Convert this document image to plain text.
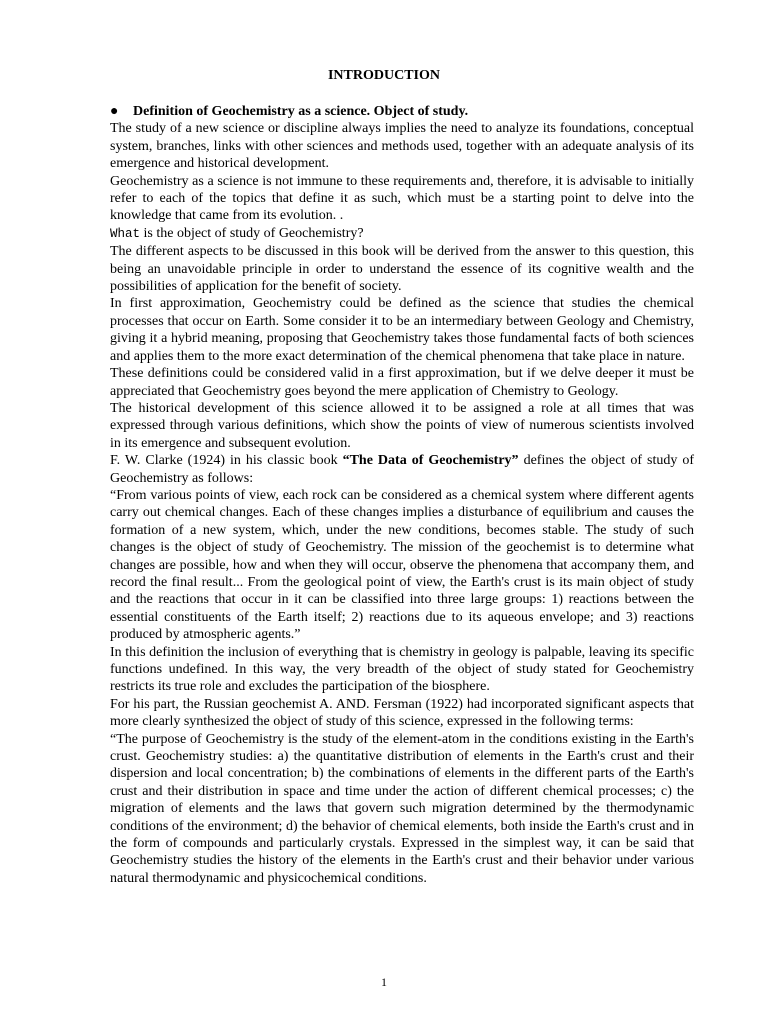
INTRODUCTION

● Definition of Geochemistry as a science. Object of study.

The study of a new science or discipline always implies the need to analyze its foundations, conceptual system, branches, links with other sciences and methods used, together with an adequate analysis of its emergence and historical development.

Geochemistry as a science is not immune to these requirements and, therefore, it is advisable to initially refer to each of the topics that define it as such, which must be a starting point to delve into the knowledge that came from its evolution. .

What is the object of study of Geochemistry?

The different aspects to be discussed in this book will be derived from the answer to this question, this being an unavoidable principle in order to understand the essence of its cognitive wealth and the possibilities of application for the benefit of society.

In first approximation, Geochemistry could be defined as the science that studies the chemical processes that occur on Earth. Some consider it to be an intermediary between Geology and Chemistry, giving it a hybrid meaning, proposing that Geochemistry takes those fundamental facts of both sciences and applies them to the more exact determination of the chemical phenomena that take place in nature.

These definitions could be considered valid in a first approximation, but if we delve deeper it must be appreciated that Geochemistry goes beyond the mere application of Chemistry to Geology.

The historical development of this science allowed it to be assigned a role at all times that was expressed through various definitions, which show the points of view of numerous scientists involved in its emergence and subsequent evolution.

F. W. Clarke (1924) in his classic book “The Data of Geochemistry” defines the object of study of Geochemistry as follows:

“From various points of view, each rock can be considered as a chemical system where different agents carry out chemical changes. Each of these changes implies a disturbance of equilibrium and causes the formation of a new system, which, under the new conditions, becomes stable. The study of such changes is the object of study of Geochemistry. The mission of the geochemist is to determine what changes are possible, how and when they will occur, observe the phenomena that accompany them, and record the final result... From the geological point of view, the Earth's crust is its main object of study and the reactions that occur in it can be classified into three large groups: 1) reactions between the essential constituents of the Earth itself; 2) reactions due to its aqueous envelope; and 3) reactions produced by atmospheric agents.”

In this definition the inclusion of everything that is chemistry in geology is palpable, leaving its specific functions undefined. In this way, the very breadth of the object of study stated for Geochemistry restricts its true role and excludes the participation of the biosphere.

For his part, the Russian geochemist A. AND. Fersman (1922) had incorporated significant aspects that more clearly synthesized the object of study of this science, expressed in the following terms:

“The purpose of Geochemistry is the study of the element-atom in the conditions existing in the Earth's crust. Geochemistry studies: a) the quantitative distribution of elements in the Earth's crust and their dispersion and local concentration; b) the combinations of elements in the different parts of the Earth's crust and their distribution in space and time under the action of different chemical processes; c) the migration of elements and the laws that govern such migration determined by the thermodynamic conditions of the environment; d) the behavior of chemical elements, both inside the Earth's crust and in the form of compounds and particularly crystals. Expressed in the simplest way, it can be said that Geochemistry studies the history of the elements in the Earth's crust and their behavior under various natural thermodynamic and physicochemical conditions.

1
